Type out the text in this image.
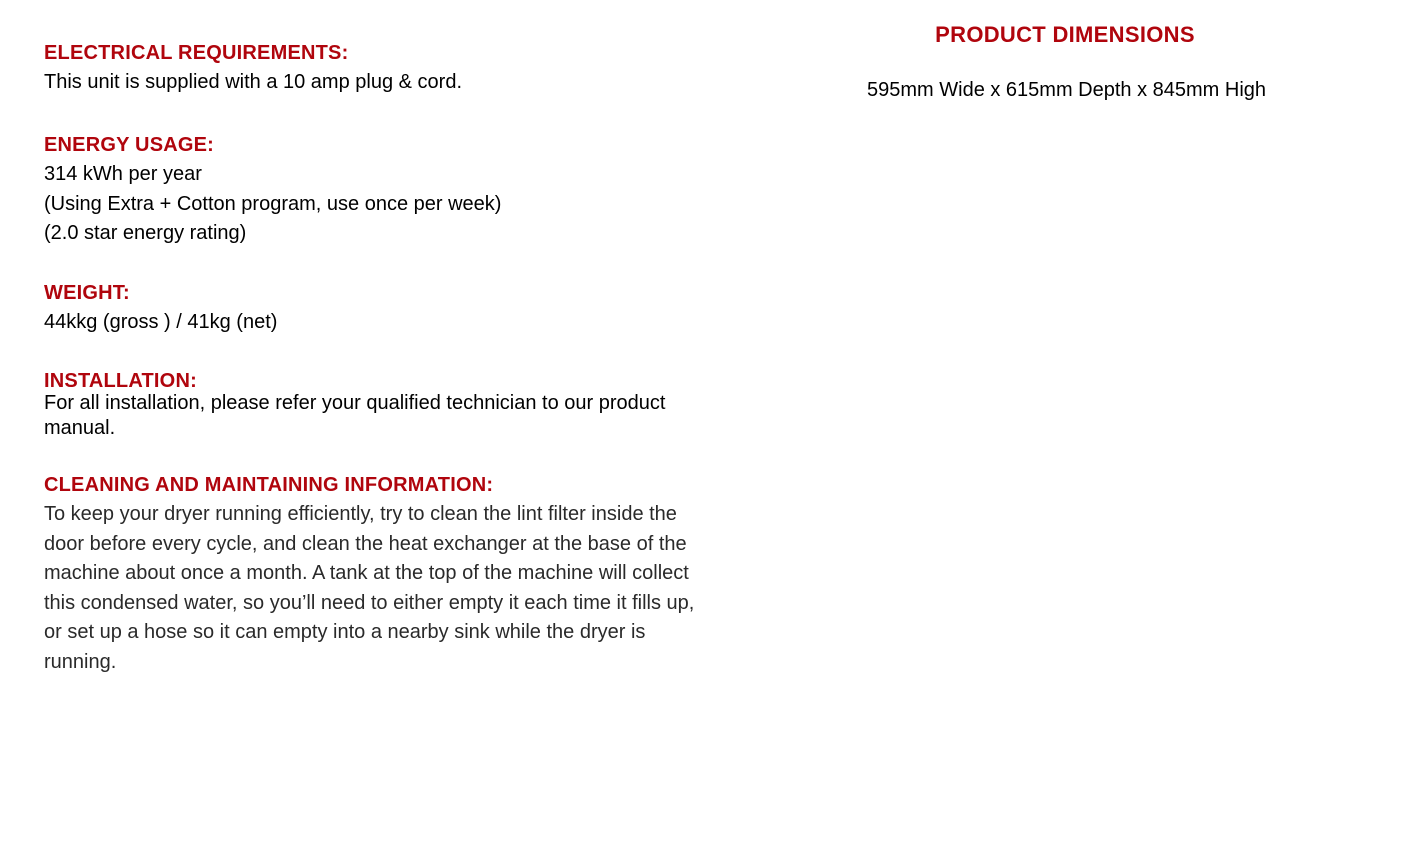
ELECTRICAL REQUIREMENTS:
This unit is supplied with a 10 amp plug & cord.
ENERGY USAGE:
314 kWh per year
(Using Extra + Cotton program, use once per week)
(2.0 star energy rating)
WEIGHT:
44kkg (gross ) / 41kg (net)
INSTALLATION:
For all installation, please refer your qualified technician to our product
manual.
CLEANING AND MAINTAINING INFORMATION:
To keep your dryer running efficiently, try to clean the lint filter inside the
door before every cycle, and clean the heat exchanger at the base of the
machine about once a month. A tank at the top of the machine will collect
this condensed water, so you’ll need to either empty it each time it fills up,
or set up a hose so it can empty into a nearby sink while the dryer is
running.
PRODUCT DIMENSIONS
595mm Wide x 615mm Depth x 845mm High
